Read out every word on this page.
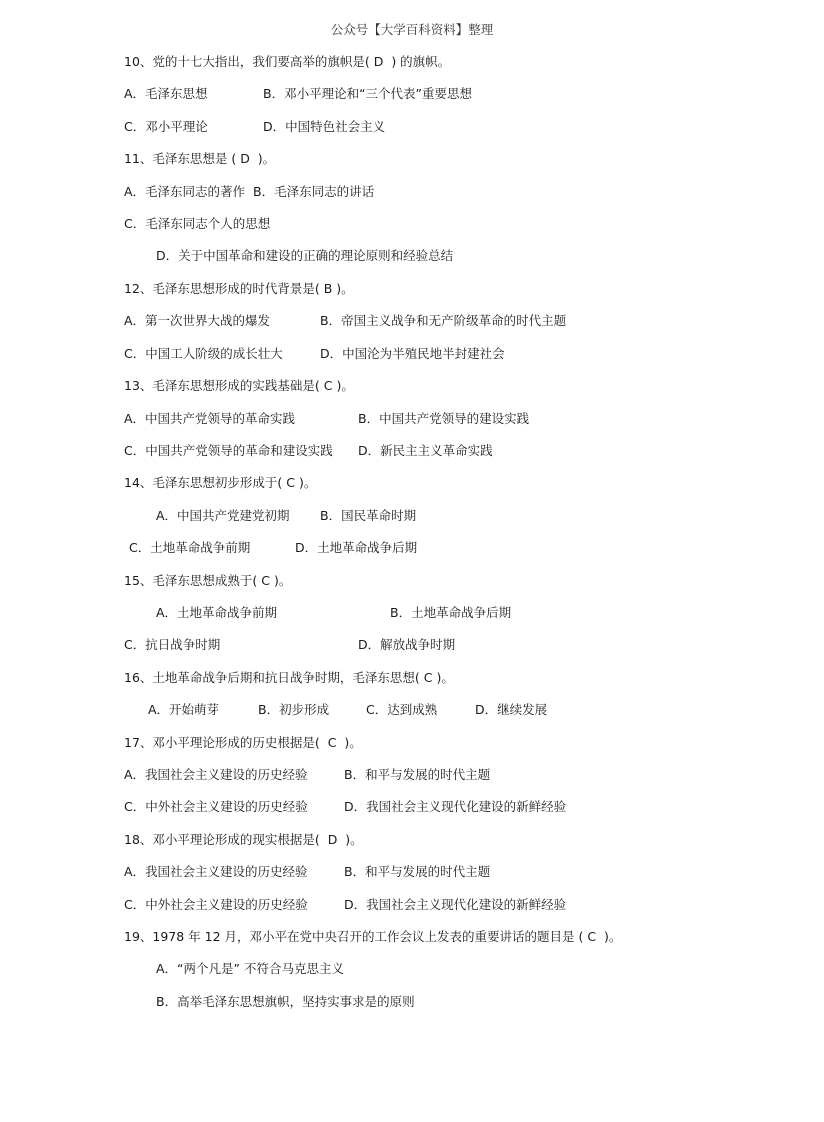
公众号【大学百科资料】整理
10、党的十七大指出，我们要高举的旗帜是( D  ) 的旗帜。
A．毛泽东思想	B．邓小平理论和“三个代表”重要思想
C．邓小平理论	D．中国特色社会主义
11、毛泽东思想是 ( D  )。
A．毛泽东同志的著作  B．毛泽东同志的讲话
C．毛泽东同志个人的思想
D．关于中国革命和建设的正确的理论原则和经验总结
12、毛泽东思想形成的时代背景是( B )。
A．第一次世界大战的爆发	B．帝国主义战争和无产阶级革命的时代主题
C．中国工人阶级的成长壮大	D．中国沦为半殖民地半封建社会
13、毛泽东思想形成的实践基础是( C )。
A．中国共产党领导的革命实践	B．中国共产党领导的建设实践
C．中国共产党领导的革命和建设实践 D．新民主主义革命实践
14、毛泽东思想初步形成于( C )。
A．中国共产党建党初期 B．国民革命时期
C．土地革命战争前期	D．土地革命战争后期
15、毛泽东思想成熟于( C )。
A．土地革命战争前期	B．土地革命战争后期
C．抗日战争时期	D．解放战争时期
16、土地革命战争后期和抗日战争时期，毛泽东思想( C )。
A．开始萌芽	B．初步形成	C．达到成熟	D．继续发展
17、邓小平理论形成的历史根据是(  C  )。
A．我国社会主义建设的历史经验	B．和平与发展的时代主题
C．中外社会主义建设的历史经验	D．我国社会主义现代化建设的新鲜经验
18、邓小平理论形成的现实根据是(  D  )。
A．我国社会主义建设的历史经验	B．和平与发展的时代主题
C．中外社会主义建设的历史经验	D．我国社会主义现代化建设的新鲜经验
19、1978 年 12 月，邓小平在党中央召开的工作会议上发表的重要讲话的题目是 ( C  )。
A．“两个凡是” 不符合马克思主义
B．高举毛泽东思想旗帜，坚持实事求是的原则
